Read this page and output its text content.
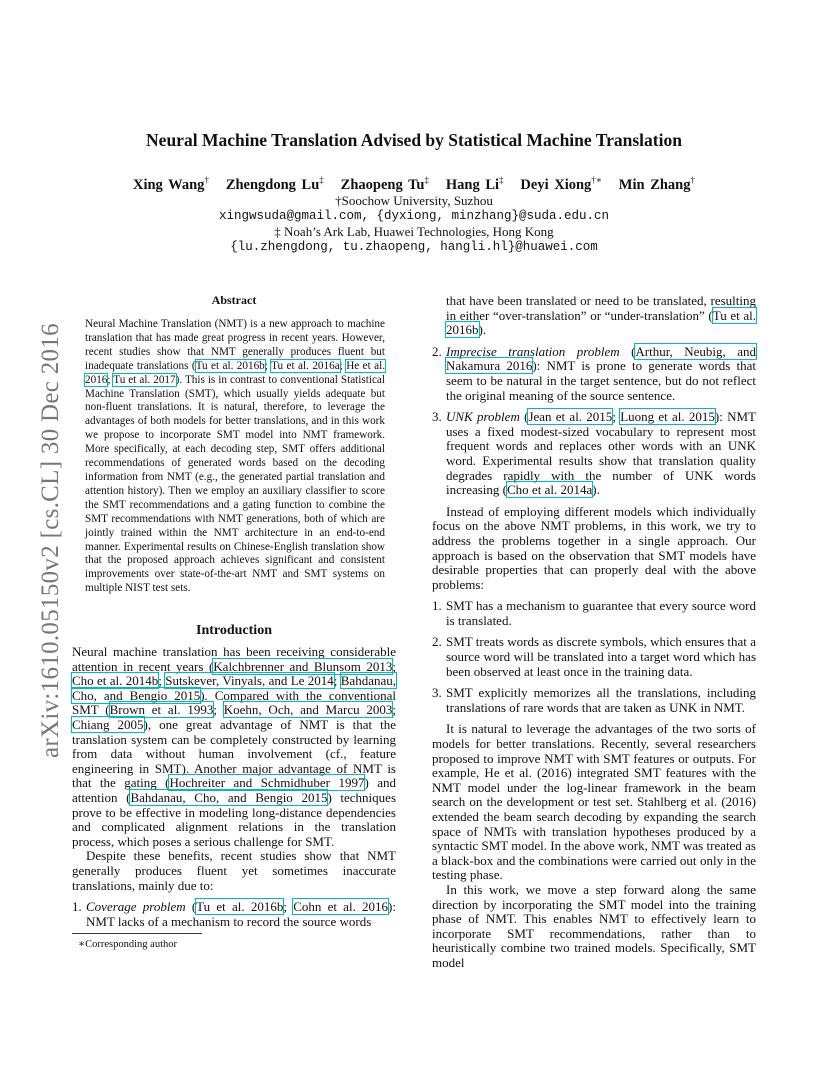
arXiv:1610.05150v2 [cs.CL] 30 Dec 2016
Neural Machine Translation Advised by Statistical Machine Translation
Xing Wang† Zhengdong Lu‡ Zhaopeng Tu‡ Hang Li‡ Deyi Xiong†∗ Min Zhang†
†Soochow University, Suzhou
xingwsuda@gmail.com, {dyxiong, minzhang}@suda.edu.cn
‡ Noah’s Ark Lab, Huawei Technologies, Hong Kong
{lu.zhengdong, tu.zhaopeng, hangli.hl}@huawei.com
Abstract
Neural Machine Translation (NMT) is a new approach to machine translation that has made great progress in recent years. However, recent studies show that NMT generally produces fluent but inadequate translations (Tu et al. 2016b; Tu et al. 2016a; He et al. 2016; Tu et al. 2017). This is in contrast to conventional Statistical Machine Translation (SMT), which usually yields adequate but non-fluent translations. It is natural, therefore, to leverage the advantages of both models for better translations, and in this work we propose to incorporate SMT model into NMT framework. More specifically, at each decoding step, SMT offers additional recommendations of generated words based on the decoding information from NMT (e.g., the generated partial translation and attention history). Then we employ an auxiliary classifier to score the SMT recommendations and a gating function to combine the SMT recommendations with NMT generations, both of which are jointly trained within the NMT architecture in an end-to-end manner. Experimental results on Chinese-English translation show that the proposed approach achieves significant and consistent improvements over state-of-the-art NMT and SMT systems on multiple NIST test sets.
Introduction

Neural machine translation has been receiving considerable attention in recent years (Kalchbrenner and Blunsom 2013; Cho et al. 2014b; Sutskever, Vinyals, and Le 2014; Bahdanau, Cho, and Bengio 2015). Compared with the conventional SMT (Brown et al. 1993; Koehn, Och, and Marcu 2003; Chiang 2005), one great advantage of NMT is that the translation system can be completely constructed by learning from data without human involvement (cf., feature engineering in SMT). Another major advantage of NMT is that the gating (Hochreiter and Schmidhuber 1997) and attention (Bahdanau, Cho, and Bengio 2015) techniques prove to be effective in modeling long-distance dependencies and complicated alignment relations in the translation process, which poses a serious challenge for SMT.

Despite these benefits, recent studies show that NMT generally produces fluent yet sometimes inaccurate translations, mainly due to:

1. Coverage problem (Tu et al. 2016b; Cohn et al. 2016): NMT lacks of a mechanism to record the source words
∗Corresponding author
that have been translated or need to be translated, resulting in either “over-translation” or “under-translation” (Tu et al. 2016b).
2. Imprecise translation problem (Arthur, Neubig, and Nakamura 2016): NMT is prone to generate words that seem to be natural in the target sentence, but do not reflect the original meaning of the source sentence.
3. UNK problem (Jean et al. 2015; Luong et al. 2015): NMT uses a fixed modest-sized vocabulary to represent most frequent words and replaces other words with an UNK word. Experimental results show that translation quality degrades rapidly with the number of UNK words increasing (Cho et al. 2014a).

Instead of employing different models which individually focus on the above NMT problems, in this work, we try to address the problems together in a single approach. Our approach is based on the observation that SMT models have desirable properties that can properly deal with the above problems:

1. SMT has a mechanism to guarantee that every source word is translated.
2. SMT treats words as discrete symbols, which ensures that a source word will be translated into a target word which has been observed at least once in the training data.
3. SMT explicitly memorizes all the translations, including translations of rare words that are taken as UNK in NMT.

It is natural to leverage the advantages of the two sorts of models for better translations. Recently, several researchers proposed to improve NMT with SMT features or outputs. For example, He et al. (2016) integrated SMT features with the NMT model under the log-linear framework in the beam search on the development or test set. Stahlberg et al. (2016) extended the beam search decoding by expanding the search space of NMTs with translation hypotheses produced by a syntactic SMT model. In the above work, NMT was treated as a black-box and the combinations were carried out only in the testing phase.

In this work, we move a step forward along the same direction by incorporating the SMT model into the training phase of NMT. This enables NMT to effectively learn to incorporate SMT recommendations, rather than to heuristically combine two trained models. Specifically, SMT model
